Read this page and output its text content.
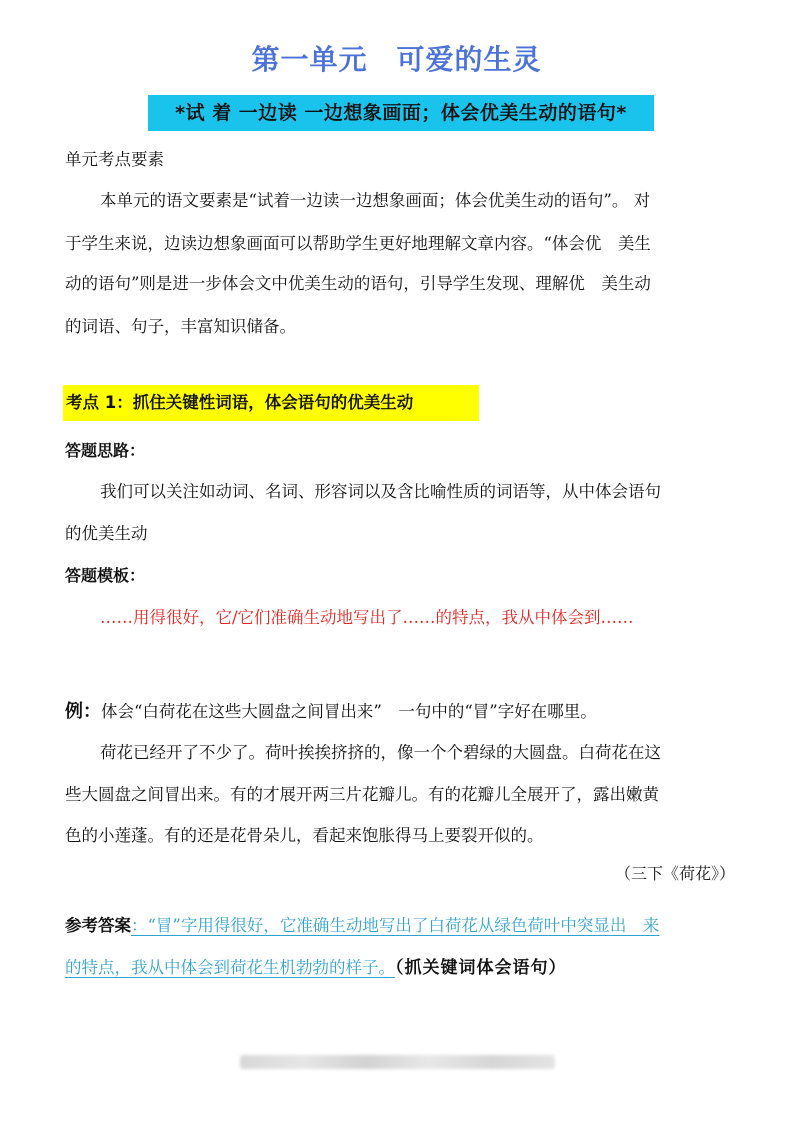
第一单元　可爱的生灵
*试 着 一边读 一边想象画面；体会优美生动的语句*
单元考点要素
本单元的语文要素是“试着一边读一边想象画面；体会优美生动的语句”。 对
于学生来说，边读边想象画面可以帮助学生更好地理解文章内容。“体会优　美生
动的语句”则是进一步体会文中优美生动的语句，引导学生发现、理解优　美生动
的词语、句子，丰富知识储备。
考点 1：抓住关键性词语，体会语句的优美生动
答题思路：
我们可以关注如动词、名词、形容词以及含比喻性质的词语等，从中体会语句
的优美生动
答题模板：
……用得很好，它/它们准确生动地写出了……的特点，我从中体会到……
例：体会“白荷花在这些大圆盘之间冒出来”　一句中的“冒”字好在哪里。
荷花已经开了不少了。荷叶挨挨挤挤的，像一个个碧绿的大圆盘。白荷花在这
些大圆盘之间冒出来。有的才展开两三片花瓣儿。有的花瓣儿全展开了，露出嫩黄
色的小莲蓬。有的还是花骨朵儿，看起来饱胀得马上要裂开似的。
（三下《荷花》）
参考答案：“冒”字用得很好，它准确生动地写出了白荷花从绿色荷叶中突显出　来
的特点，我从中体会到荷花生机勃勃的样子。（抓关键词体会语句）
